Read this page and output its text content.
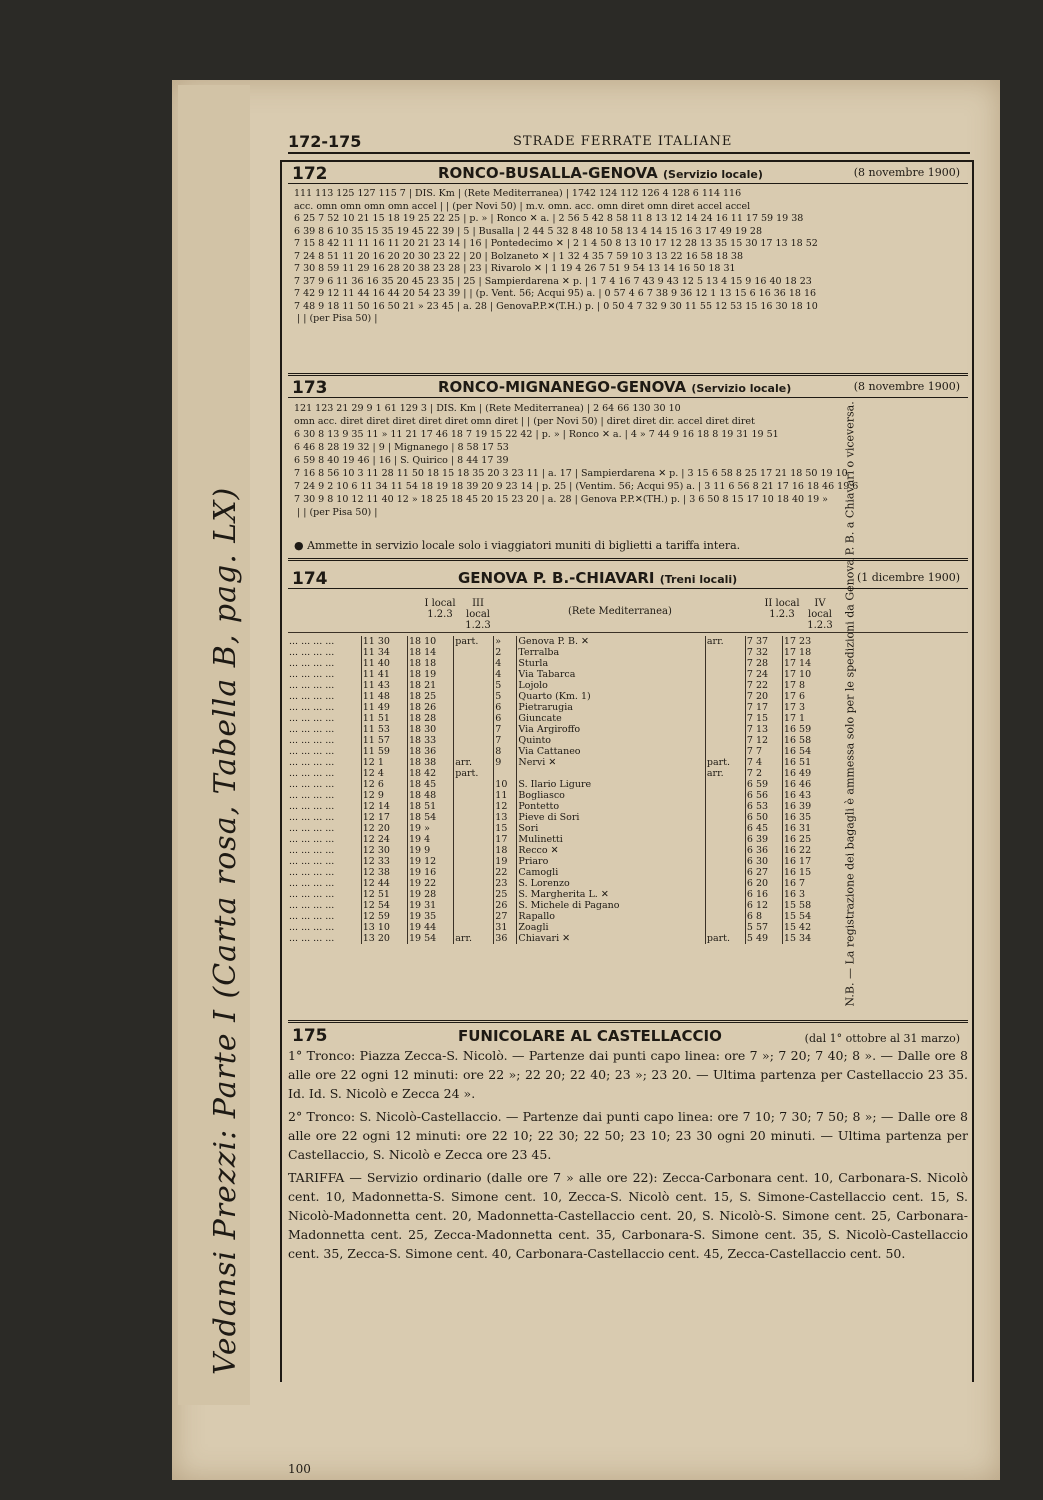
Vedansi Prezzi: Parte I (Carta rosa, Tabella B, pag. LX)
172-175	STRADE FERRATE ITALIANE
172	RONCO-BUSALLA-GENOVA (Servizio locale)	(8 novembre 1900)
111 113 125 127 115 7 | DIS. Km | (Rete Mediterranea) | 1742 124 112 126 4 128 6 114 116
acc. omn omn omn omn accel | | (per Novi 50) | m.v. omn. acc. omn diret omn diret accel accel
6 25 7 52 10 21 15 18 19 25 22 25 | p. » | Ronco ✕ a. | 2 56 5 42 8 58 11 8 13 12 14 24 16 11 17 59 19 38
6 39 8 6 10 35 15 35 19 45 22 39 | 5 | Busalla | 2 44 5 32 8 48 10 58 13 4 14 15 16 3 17 49 19 28
7 15 8 42 11 11 16 11 20 21 23 14 | 16 | Pontedecimo ✕ | 2 1 4 50 8 13 10 17 12 28 13 35 15 30 17 13 18 52
7 24 8 51 11 20 16 20 20 30 23 22 | 20 | Bolzaneto ✕ | 1 32 4 35 7 59 10 3 13 22 16 58 18 38
7 30 8 59 11 29 16 28 20 38 23 28 | 23 | Rivarolo ✕ | 1 19 4 26 7 51 9 54 13 14 16 50 18 31
7 37 9 6 11 36 16 35 20 45 23 35 | 25 | Sampierdarena ✕ p. | 1 7 4 16 7 43 9 43 12 5 13 4 15 9 16 40 18 23
7 42 9 12 11 44 16 44 20 54 23 39 | | (p. Vent. 56; Acqui 95) a. | 0 57 4 6 7 38 9 36 12 1 13 15 6 16 36 18 16
7 48 9 18 11 50 16 50 21 » 23 45 | a. 28 | GenovaP.P.✕(T.H.) p. | 0 50 4 7 32 9 30 11 55 12 53 15 16 30 18 10
| | (per Pisa 50) |
173	RONCO-MIGNANEGO-GENOVA (Servizio locale)	(8 novembre 1900)
121 123 21 29 9 1 61 129 3 | DIS. Km | (Rete Mediterranea) | 2 64 66 130 30 10
omn acc. diret diret diret diret diret omn diret | | (per Novi 50) | diret diret dir. accel diret diret
6 30 8 13 9 35 11 » 11 21 17 46 18 7 19 15 22 42 | p. » | Ronco ✕ a. | 4 » 7 44 9 16 18 8 19 31 19 51
6 46 8 28 19 32 | 9 | Mignanego | 8 58 17 53
6 59 8 40 19 46 | 16 | S. Quirico | 8 44 17 39
7 16 8 56 10 3 11 28 11 50 18 15 18 35 20 3 23 11 | a. 17 | Sampierdarena ✕ p. | 3 15 6 58 8 25 17 21 18 50 19 10
7 24 9 2 10 6 11 34 11 54 18 19 18 39 20 9 23 14 | p. 25 | (Ventim. 56; Acqui 95) a. | 3 11 6 56 8 21 17 16 18 46 19 6
7 30 9 8 10 12 11 40 12 » 18 25 18 45 20 15 23 20 | a. 28 | Genova P.P.✕(TH.) p. | 3 6 50 8 15 17 10 18 40 19 »
| | (per Pisa 50) |
● Ammette in servizio locale solo i viaggiatori muniti di biglietti a tariffa intera.
174	GENOVA P. B.-CHIAVARI (Treni locali)	(1 dicembre 1900)
I local 1.2.3
III local 1.2.3
(Rete Mediterranea)
II local 1.2.3
IV local 1.2.3
... ... ... ...	11 30	18 10	part.	»	Genova P. B. ✕	arr.	7 37	17 23
... ... ... ...	11 34	18 14		2	Terralba		7 32	17 18
... ... ... ...	11 40	18 18		4	Sturla		7 28	17 14
... ... ... ...	11 41	18 19		4	Via Tabarca		7 24	17 10
... ... ... ...	11 43	18 21		5	Lojolo		7 22	17 8
... ... ... ...	11 48	18 25		5	Quarto (Km. 1)		7 20	17 6
... ... ... ...	11 49	18 26		6	Pietrarugia		7 17	17 3
... ... ... ...	11 51	18 28		6	Giuncate		7 15	17 1
... ... ... ...	11 53	18 30		7	Via Argiroffo		7 13	16 59
... ... ... ...	11 57	18 33		7	Quinto		7 12	16 58
... ... ... ...	11 59	18 36		8	Via Cattaneo		7 7	16 54
... ... ... ...	12 1	18 38	arr.	9	Nervi ✕	part.	7 4	16 51
... ... ... ...	12 4	18 42	part.			arr.	7 2	16 49
... ... ... ...	12 6	18 45		10	S. Ilario Ligure		6 59	16 46
... ... ... ...	12 9	18 48		11	Bogliasco		6 56	16 43
... ... ... ...	12 14	18 51		12	Pontetto		6 53	16 39
... ... ... ...	12 17	18 54		13	Pieve di Sori		6 50	16 35
... ... ... ...	12 20	19 »		15	Sori		6 45	16 31
... ... ... ...	12 24	19 4		17	Mulinetti		6 39	16 25
... ... ... ...	12 30	19 9		18	Recco ✕		6 36	16 22
... ... ... ...	12 33	19 12		19	Priaro		6 30	16 17
... ... ... ...	12 38	19 16		22	Camogli		6 27	16 15
... ... ... ...	12 44	19 22		23	S. Lorenzo		6 20	16 7
... ... ... ...	12 51	19 28		25	S. Margherita L. ✕		6 16	16 3
... ... ... ...	12 54	19 31		26	S. Michele di Pagano		6 12	15 58
... ... ... ...	12 59	19 35		27	Rapallo		6 8	15 54
... ... ... ...	13 10	19 44		31	Zoagli		5 57	15 42
... ... ... ...	13 20	19 54	arr.	36	Chiavari ✕	part.	5 49	15 34	N.B. — La registrazione dei bagagli è ammessa solo per le spedizioni da Genova P. B. a Chiavari o viceversa.
175	FUNICOLARE AL CASTELLACCIO	(dal 1° ottobre al 31 marzo)

1° Tronco: Piazza Zecca-S. Nicolò. — Partenze dai punti capo linea: ore 7 »; 7 20; 7 40; 8 ». — Dalle ore 8 alle ore 22 ogni 12 minuti: ore 22 »; 22 20; 22 40; 23 »; 23 20. — Ultima partenza per Castellaccio 23 35. Id. Id. S. Nicolò e Zecca 24 ».

2° Tronco: S. Nicolò-Castellaccio. — Partenze dai punti capo linea: ore 7 10; 7 30; 7 50; 8 »; — Dalle ore 8 alle ore 22 ogni 12 minuti: ore 22 10; 22 30; 22 50; 23 10; 23 30 ogni 20 minuti. — Ultima partenza per Castellaccio, S. Nicolò e Zecca ore 23 45.

TARIFFA — Servizio ordinario (dalle ore 7 » alle ore 22): Zecca-Carbonara cent. 10, Carbonara-S. Nicolò cent. 10, Madonnetta-S. Simone cent. 10, Zecca-S. Nicolò cent. 15, S. Simone-Castellaccio cent. 15, S. Nicolò-Madonnetta cent. 20, Madonnetta-Castellaccio cent. 20, S. Nicolò-S. Simone cent. 25, Carbonara-Madonnetta cent. 25, Zecca-Madonnetta cent. 35, Carbonara-S. Simone cent. 35, S. Nicolò-Castellaccio cent. 35, Zecca-S. Simone cent. 40, Carbonara-Castellaccio cent. 45, Zecca-Castellaccio cent. 50.

100
